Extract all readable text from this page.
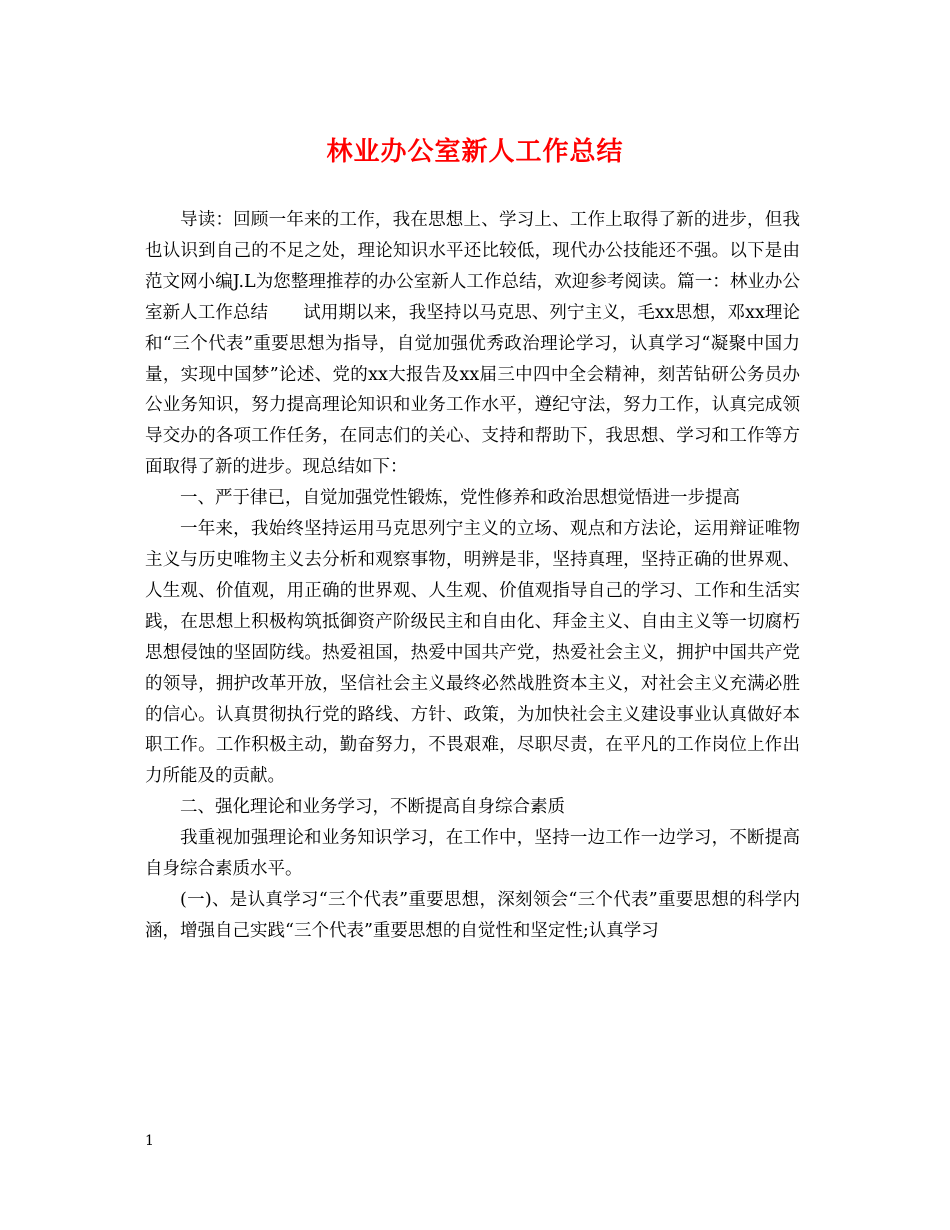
林业办公室新人工作总结

导读：回顾一年来的工作，我在思想上、学习上、工作上取得了新的进步，但我也认识到自己的不足之处，理论知识水平还比较低，现代办公技能还不强。以下是由范文网小编J.L为您整理推荐的办公室新人工作总结，欢迎参考阅读。篇一：林业办公室新人工作总结　　试用期以来，我坚持以马克思、列宁主义，毛xx思想，邓xx理论和“三个代表”重要思想为指导，自觉加强优秀政治理论学习，认真学习“凝聚中国力量，实现中国梦”论述、党的xx大报告及xx届三中四中全会精神，刻苦钻研公务员办公业务知识，努力提高理论知识和业务工作水平，遵纪守法，努力工作，认真完成领导交办的各项工作任务，在同志们的关心、支持和帮助下，我思想、学习和工作等方面取得了新的进步。现总结如下：

一、严于律已，自觉加强党性锻炼，党性修养和政治思想觉悟进一步提高

一年来，我始终坚持运用马克思列宁主义的立场、观点和方法论，运用辩证唯物主义与历史唯物主义去分析和观察事物，明辨是非，坚持真理，坚持正确的世界观、人生观、价值观，用正确的世界观、人生观、价值观指导自己的学习、工作和生活实践，在思想上积极构筑抵御资产阶级民主和自由化、拜金主义、自由主义等一切腐朽思想侵蚀的坚固防线。热爱祖国，热爱中国共产党，热爱社会主义，拥护中国共产党的领导，拥护改革开放，坚信社会主义最终必然战胜资本主义，对社会主义充满必胜的信心。认真贯彻执行党的路线、方针、政策，为加快社会主义建设事业认真做好本职工作。工作积极主动，勤奋努力，不畏艰难，尽职尽责，在平凡的工作岗位上作出力所能及的贡献。

二、强化理论和业务学习，不断提高自身综合素质

我重视加强理论和业务知识学习，在工作中，坚持一边工作一边学习，不断提高自身综合素质水平。

(一)、是认真学习“三个代表”重要思想，深刻领会“三个代表”重要思想的科学内涵，增强自己实践“三个代表”重要思想的自觉性和坚定性;认真学习

1
